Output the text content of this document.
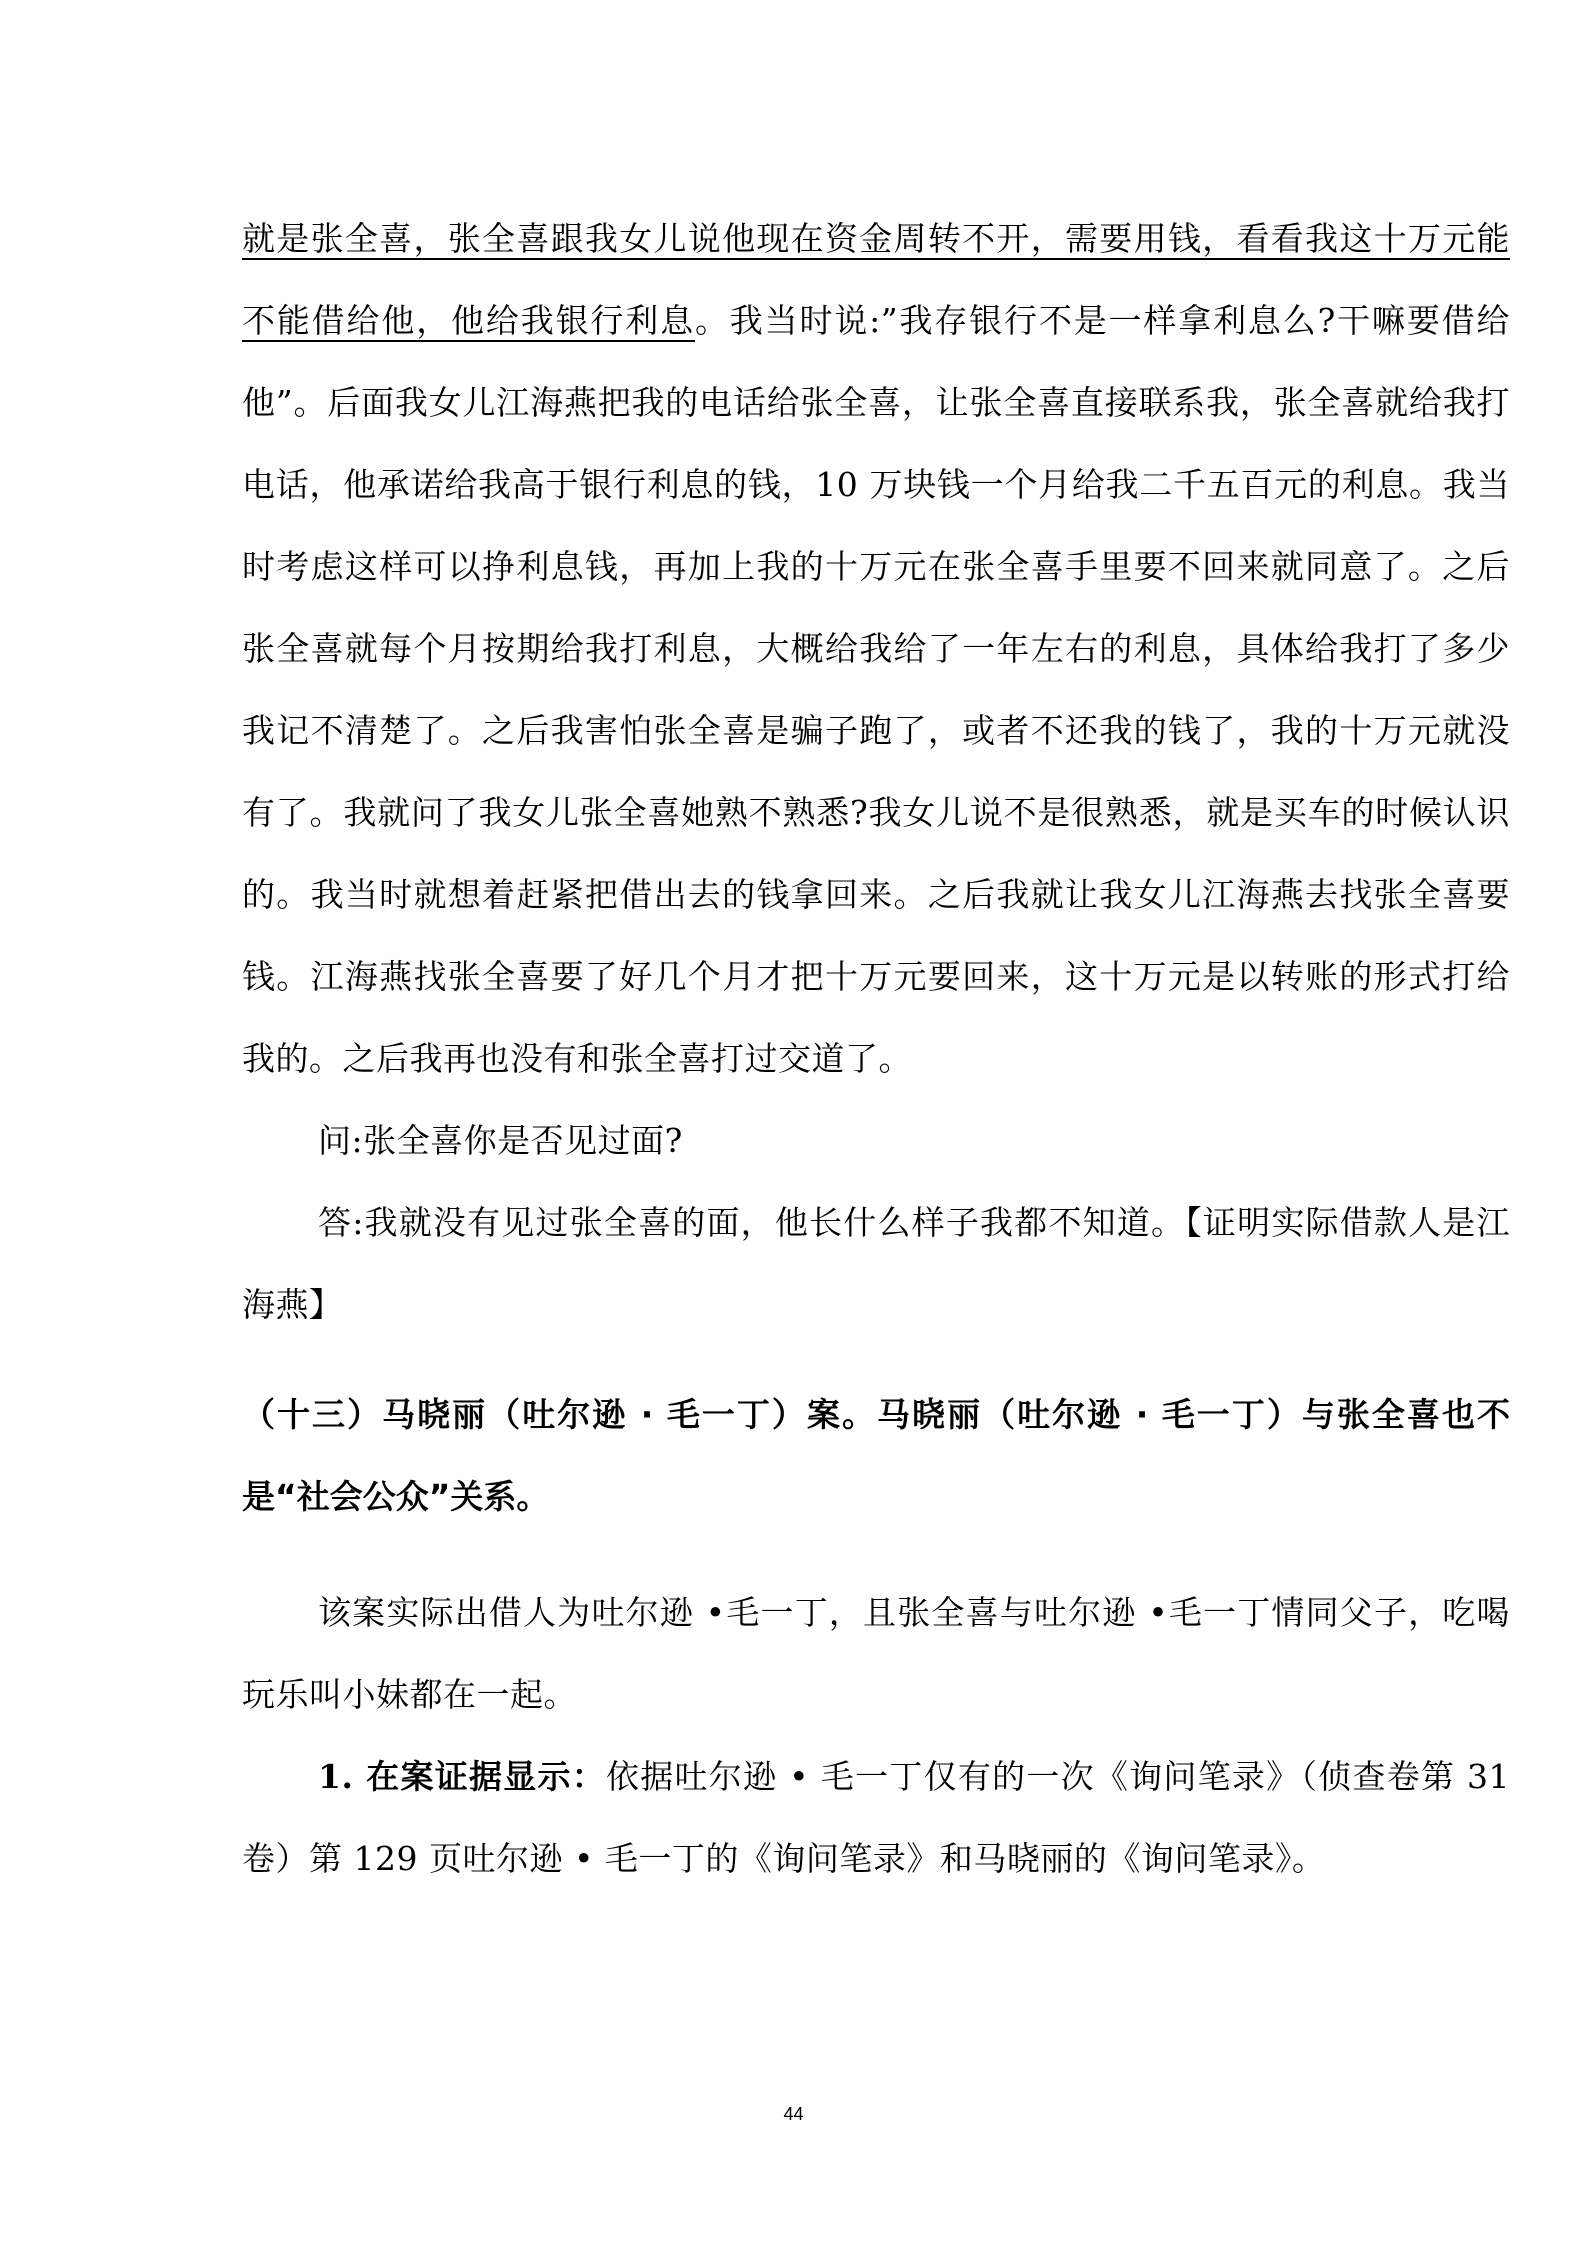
就是张全喜，张全喜跟我女儿说他现在资金周转不开，需要用钱，看看我这十万元能不能借给他，他给我银行利息。我当时说:”我存银行不是一样拿利息么?干嘛要借给他”。后面我女儿江海燕把我的电话给张全喜，让张全喜直接联系我，张全喜就给我打电话，他承诺给我高于银行利息的钱，10 万块钱一个月给我二千五百元的利息。我当时考虑这样可以挣利息钱，再加上我的十万元在张全喜手里要不回来就同意了。之后张全喜就每个月按期给我打利息，大概给我给了一年左右的利息，具体给我打了多少我记不清楚了。之后我害怕张全喜是骗子跑了，或者不还我的钱了，我的十万元就没有了。我就问了我女儿张全喜她熟不熟悉?我女儿说不是很熟悉，就是买车的时候认识的。我当时就想着赶紧把借出去的钱拿回来。之后我就让我女儿江海燕去找张全喜要钱。江海燕找张全喜要了好几个月才把十万元要回来，这十万元是以转账的形式打给我的。之后我再也没有和张全喜打过交道了。

问:张全喜你是否见过面?

答:我就没有见过张全喜的面，他长什么样子我都不知道。【证明实际借款人是江海燕】

（十三）马晓丽（吐尔逊 · 毛一丁）案。马晓丽（吐尔逊 · 毛一丁）与张全喜也不是“社会公众”关系。

该案实际出借人为吐尔逊 •毛一丁，且张全喜与吐尔逊 •毛一丁情同父子，吃喝玩乐叫小妹都在一起。

1. 在案证据显示：依据吐尔逊 • 毛一丁仅有的一次《询问笔录》（侦查卷第 31 卷）第 129 页吐尔逊 • 毛一丁的《询问笔录》和马晓丽的《询问笔录》。

44
